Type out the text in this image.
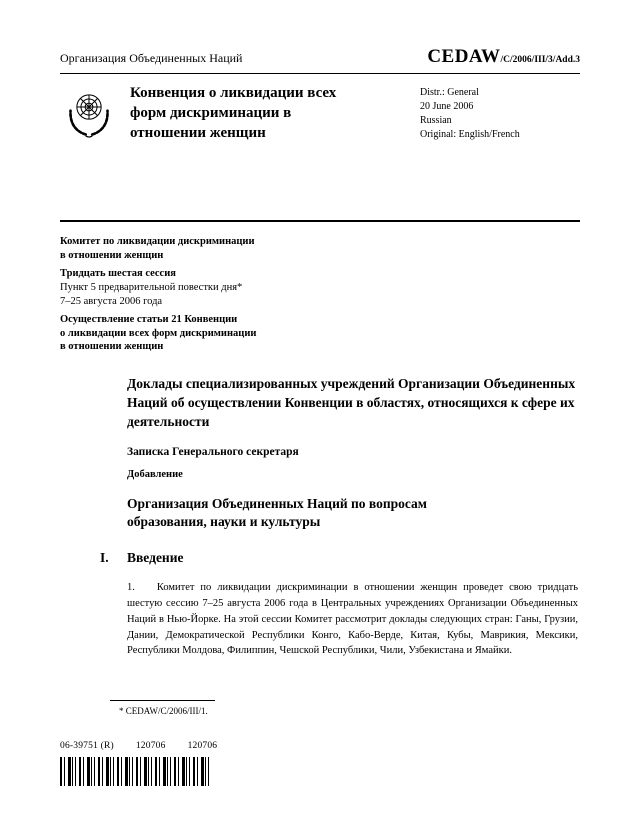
Организация Объединенных Наций	CEDAW/C/2006/III/3/Add.3
Конвенция о ликвидации всех форм дискриминации в отношении женщин
Distr.: General
20 June 2006
Russian
Original: English/French
Комитет по ликвидации дискриминации
в отношении женщин
Тридцать шестая сессия
Пункт 5 предварительной повестки дня*
7–25 августа 2006 года
Осуществление статьи 21 Конвенции
о ликвидации всех форм дискриминации
в отношении женщин
Доклады специализированных учреждений Организации Объединенных Наций об осуществлении Конвенции в областях, относящихся к сфере их деятельности
Записка Генерального секретаря
Добавление
Организация Объединенных Наций по вопросам образования, науки и культуры
I.	Введение
1. Комитет по ликвидации дискриминации в отношении женщин проведет свою тридцать шестую сессию 7–25 августа 2006 года в Центральных учреждениях Организации Объединенных Наций в Нью-Йорке. На этой сессии Комитет рассмотрит доклады следующих стран: Ганы, Грузии, Дании, Демократической Республики Конго, Кабо-Верде, Китая, Кубы, Маврикия, Мексики, Республики Молдова, Филиппин, Чешской Республики, Чили, Узбекистана и Ямайки.
* CEDAW/C/2006/III/1.
06-39751 (R) 120706 120706
